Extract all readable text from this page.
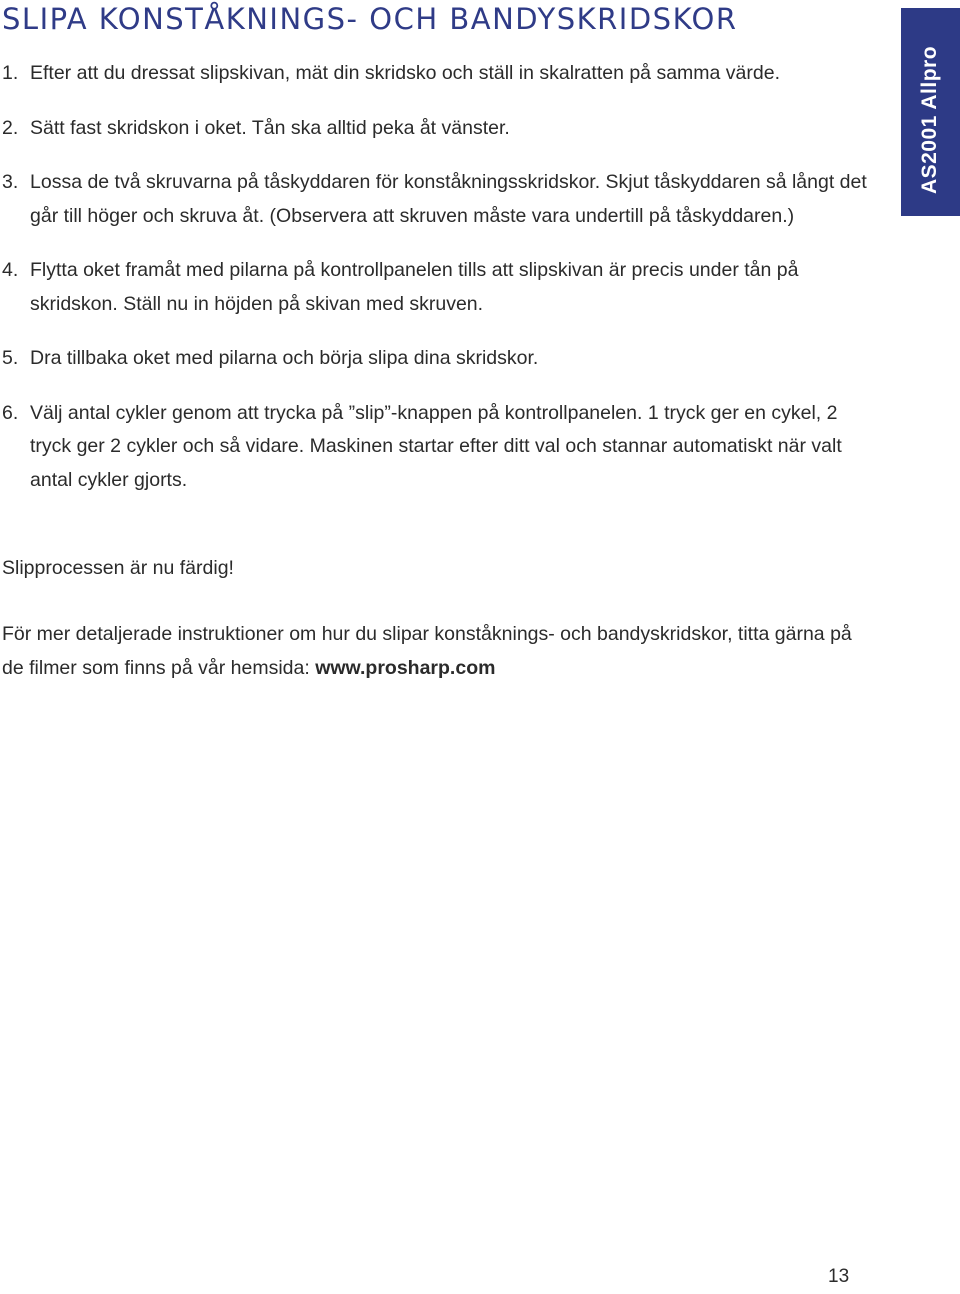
SLIPA KONSTÅKNINGS- OCH BANDYSKRIDSKOR
AS2001 Allpro
1. Efter att du dressat slipskivan, mät din skridsko och ställ in skalratten på samma värde.
2. Sätt fast skridskon i oket. Tån ska alltid peka åt vänster.
3. Lossa de två skruvarna på tåskyddaren för konståkningsskridskor. Skjut tåskyddaren så långt det går till höger och skruva åt. (Observera att skruven måste vara undertill på tåskyddaren.)
4. Flytta oket framåt med pilarna på kontrollpanelen tills att slipskivan är precis under tån på skridskon. Ställ nu in höjden på skivan med skruven.
5. Dra tillbaka oket med pilarna och börja slipa dina skridskor.
6. Välj antal cykler genom att trycka på ”slip”-knappen på kontrollpanelen. 1 tryck ger en cykel, 2 tryck ger 2 cykler och så vidare. Maskinen startar efter ditt val och stannar automatiskt när valt antal cykler gjorts.

Slipprocessen är nu färdig!

För mer detaljerade instruktioner om hur du slipar konståknings- och bandyskridskor, titta gärna på de filmer som finns på vår hemsida: www.prosharp.com

13
